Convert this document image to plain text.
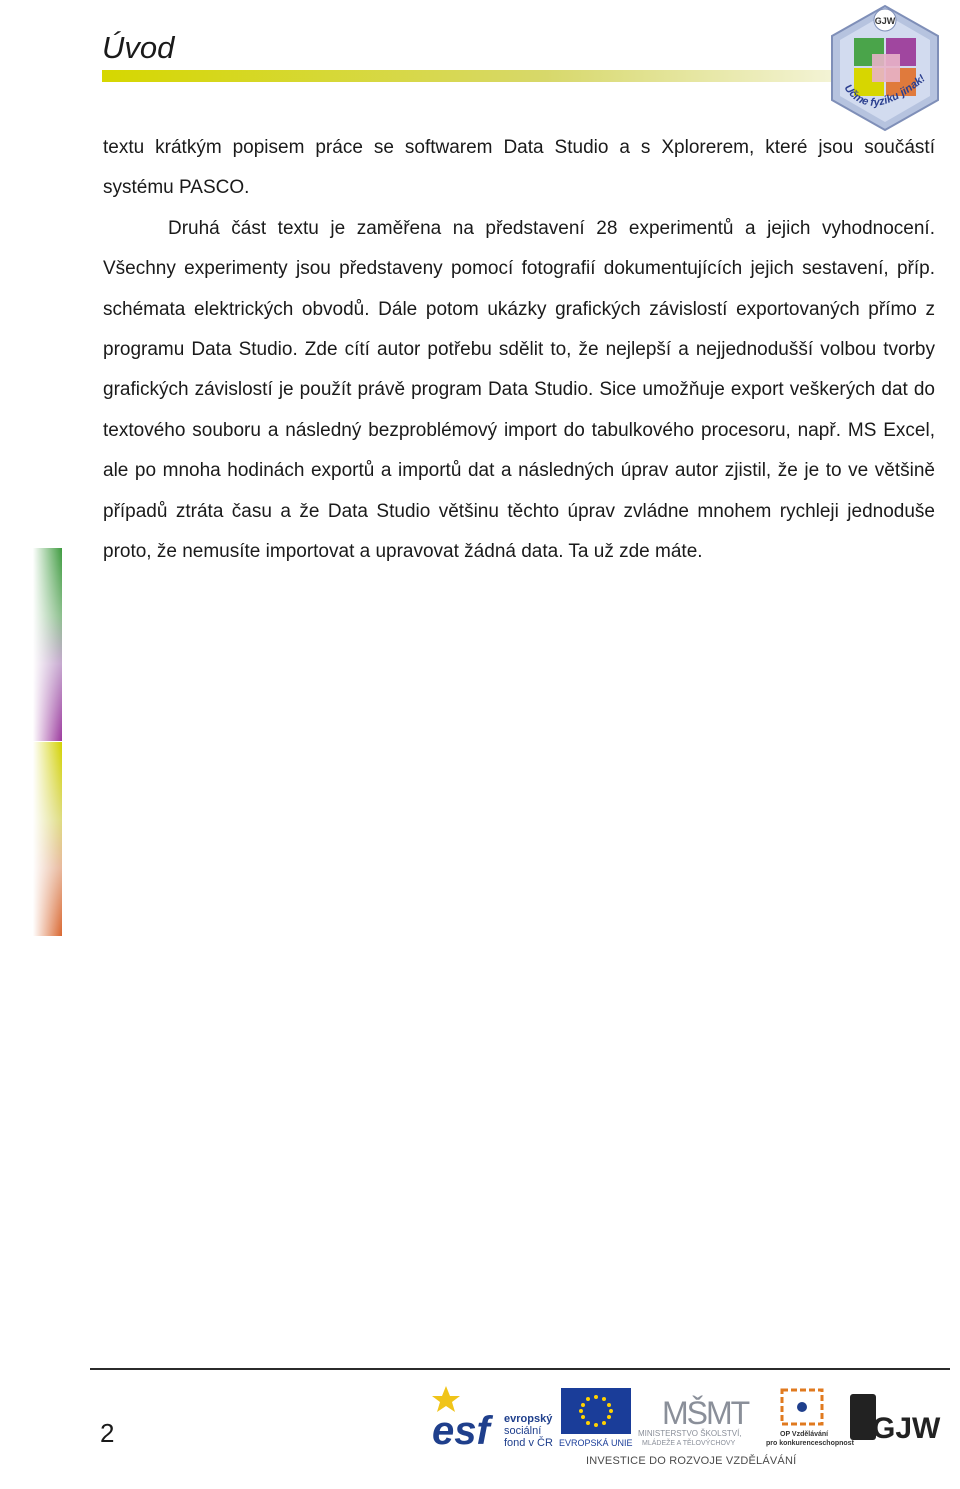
Úvod
GJW
Učme fyziku jinak!

textu krátkým popisem práce se softwarem Data Studio a s Xplorerem, které jsou součástí systému PASCO.

Druhá část textu je zaměřena na představení 28 experimentů a jejich vyhodnocení. Všechny experimenty jsou představeny pomocí fotografií dokumentujících jejich sestavení, příp. schémata elektrických obvodů. Dále potom ukázky grafických závislostí exportovaných přímo z programu Data Studio. Zde cítí autor potřebu sdělit to, že nejlepší a nejjednodušší volbou tvorby grafických závislostí je použít právě program Data Studio. Sice umožňuje export veškerých dat do textového souboru a následný bezproblémový import do tabulkového procesoru, např. MS Excel, ale po mnoha hodinách exportů a importů dat a následných úprav autor zjistil, že je to ve většině případů ztráta času a že Data Studio většinu těchto úprav zvládne mnohem rychleji jednoduše proto, že nemusíte importovat a upravovat žádná data. Ta už zde máte.

2	esf	evropský
sociální
fond v ČR EVROPSKÁ UNIE
MŠMT
MINISTERSTVO ŠKOLSTVÍ,
MLÁDEŽE A TĚLOVÝCHOVY
OP Vzdělávání
pro konkurenceschopnost GJW
INVESTICE DO ROZVOJE VZDĚLÁVÁNÍ
